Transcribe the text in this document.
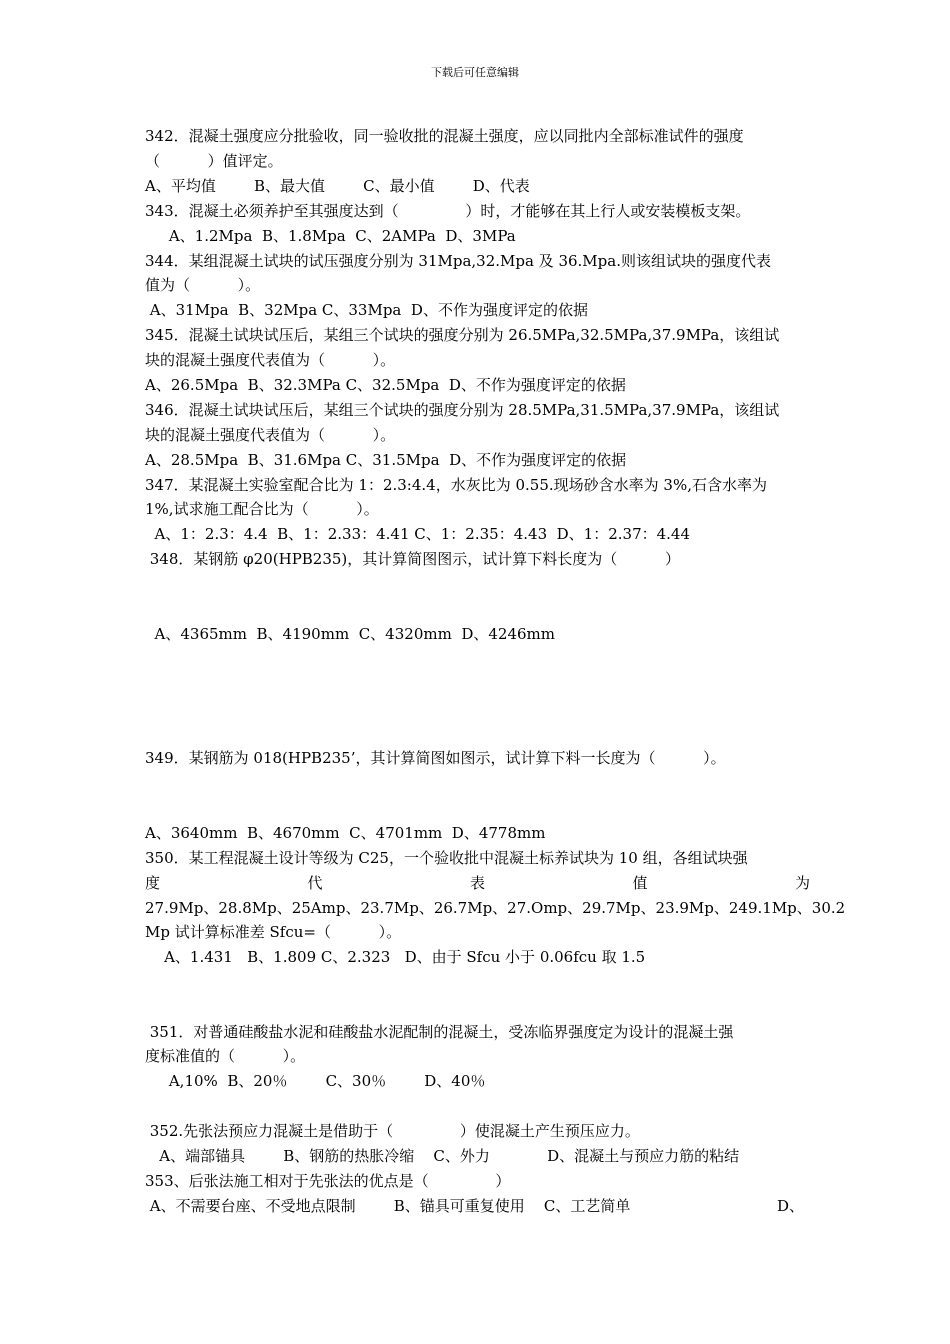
下载后可任意编辑
342．混凝土强度应分批验收，同一验收批的混凝土强度，应以同批内全部标准试件的强度
（          ）值评定。
A、平均值        B、最大值        C、最小值        D、代表
343．混凝土必须养护至其强度达到（              ）时，才能够在其上行人或安装模板支架。
A、1.2Mpa  B、1.8Mpa  C、2AMPa  D、3MPa
344．某组混凝土试块的试压强度分别为 31Mpa,32.Mpa 及 36.Mpa.则该组试块的强度代表
值为（          ）。
A、31Mpa  B、32Mpa C、33Mpa  D、不作为强度评定的依据
345．混凝土试块试压后，某组三个试块的强度分别为 26.5MPa,32.5MPa,37.9MPa，该组试
块的混凝土强度代表值为（          ）。
A、26.5Mpa  B、32.3MPa C、32.5Mpa  D、不作为强度评定的依据
346．混凝土试块试压后，某组三个试块的强度分别为 28.5MPa,31.5MPa,37.9MPa，该组试
块的混凝土强度代表值为（          ）。
A、28.5Mpa  B、31.6Mpa C、31.5Mpa  D、不作为强度评定的依据
347．某混凝土实验室配合比为 1：2.3:4.4，水灰比为 0.55.现场砂含水率为 3%,石含水率为
1%,试求施工配合比为（          ）。
A、1：2.3：4.4  B、1：2.33：4.41 C、1：2.35：4.43  D、1：2.37：4.44
348．某钢筋 φ20(HPB235)，其计算简图图示，试计算下料长度为（          ）
A、4365mm  B、4190mm  C、4320mm  D、4246mm
349．某钢筋为 018(HPB235’，其计算简图如图示，试计算下料一长度为（          ）。
A、3640mm  B、4670mm  C、4701mm  D、4778mm
350．某工程混凝土设计等级为 C25，一个验收批中混凝土标养试块为 10 组，各组试块强
度	代	表	值	为
27.9Mp、28.8Mp、25Amp、23.7Mp、26.7Mp、27.Omp、29.7Mp、23.9Mp、249.1Mp、30.2
Mp 试计算标准差 Sfcu=（          ）。
A、1.431   B、1.809 C、2.323   D、由于 Sfcu 小于 0.06fcu 取 1.5
351．对普通硅酸盐水泥和硅酸盐水泥配制的混凝土，受冻临界强度定为设计的混凝土强
度标准值的（          ）。
A,10%  B、20％        C、30％        D、40％
352.先张法预应力混凝土是借助于（              ）使混凝土产生预压应力。
A、端部锚具        B、钢筋的热胀冷缩    C、外力            D、混凝土与预应力筋的粘结
353、后张法施工相对于先张法的优点是（              ）
A、不需要台座、不受地点限制        B、锚具可重复使用    C、工艺简单	D、
